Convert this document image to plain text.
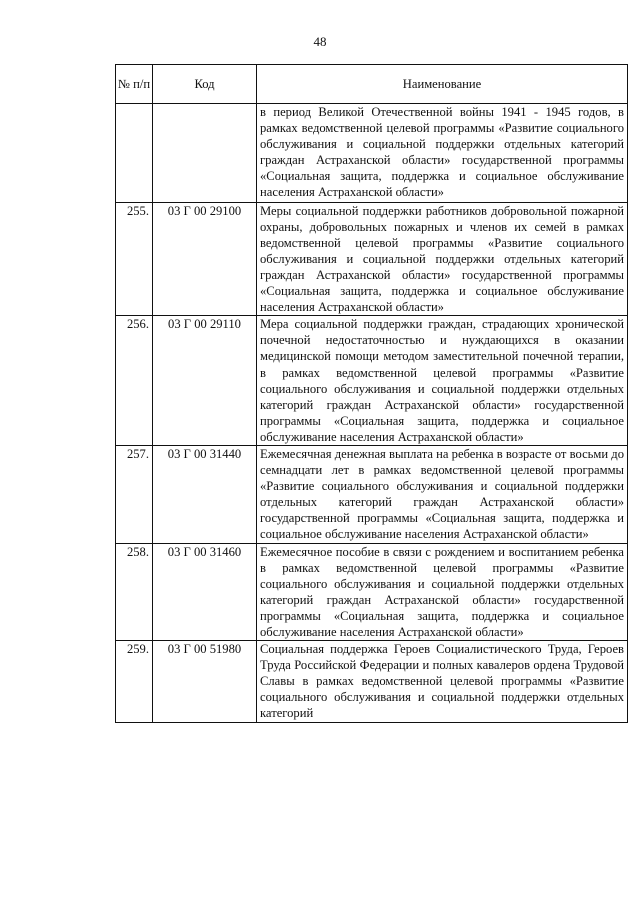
48
№ п/п	Код	Наименование
		в период Великой Отечественной войны 1941 - 1945 годов, в рамках ведомственной целевой программы «Развитие социального обслуживания и социальной поддержки отдельных категорий граждан Астраханской области» государственной программы «Социальная защита, поддержка и социальное обслуживание населения Астраханской области»
255.	03 Г 00 29100	Меры социальной поддержки работников добровольной пожарной охраны, добровольных пожарных и членов их семей в рамках ведомственной целевой программы «Развитие социального обслуживания и социальной поддержки отдельных категорий граждан Астраханской области» государственной программы «Социальная защита, поддержка и социальное обслуживание населения Астраханской области»
256.	03 Г 00 29110	Мера социальной поддержки граждан, страдающих хронической почечной недостаточностью и нуждающихся в оказании медицинской помощи методом заместительной почечной терапии, в рамках ведомственной целевой программы «Развитие социального обслуживания и социальной поддержки отдельных категорий граждан Астраханской области» государственной программы «Социальная защита, поддержка и социальное обслуживание населения Астраханской области»
257.	03 Г 00 31440	Ежемесячная денежная выплата на ребенка в возрасте от восьми до семнадцати лет в рамках ведомственной целевой программы «Развитие социального обслуживания и социальной поддержки отдельных категорий граждан Астраханской области» государственной программы «Социальная защита, поддержка и социальное обслуживание населения Астраханской области»
258.	03 Г 00 31460	Ежемесячное пособие в связи с рождением и воспитанием ребенка в рамках ведомственной целевой программы «Развитие социального обслуживания и социальной поддержки отдельных категорий граждан Астраханской области» государственной программы «Социальная защита, поддержка и социальное обслуживание населения Астраханской области»
259.	03 Г 00 51980	Социальная поддержка Героев Социалистического Труда, Героев Труда Российской Федерации и полных кавалеров ордена Трудовой Славы в рамках ведомственной целевой программы «Развитие социального обслуживания и социальной поддержки отдельных категорий
